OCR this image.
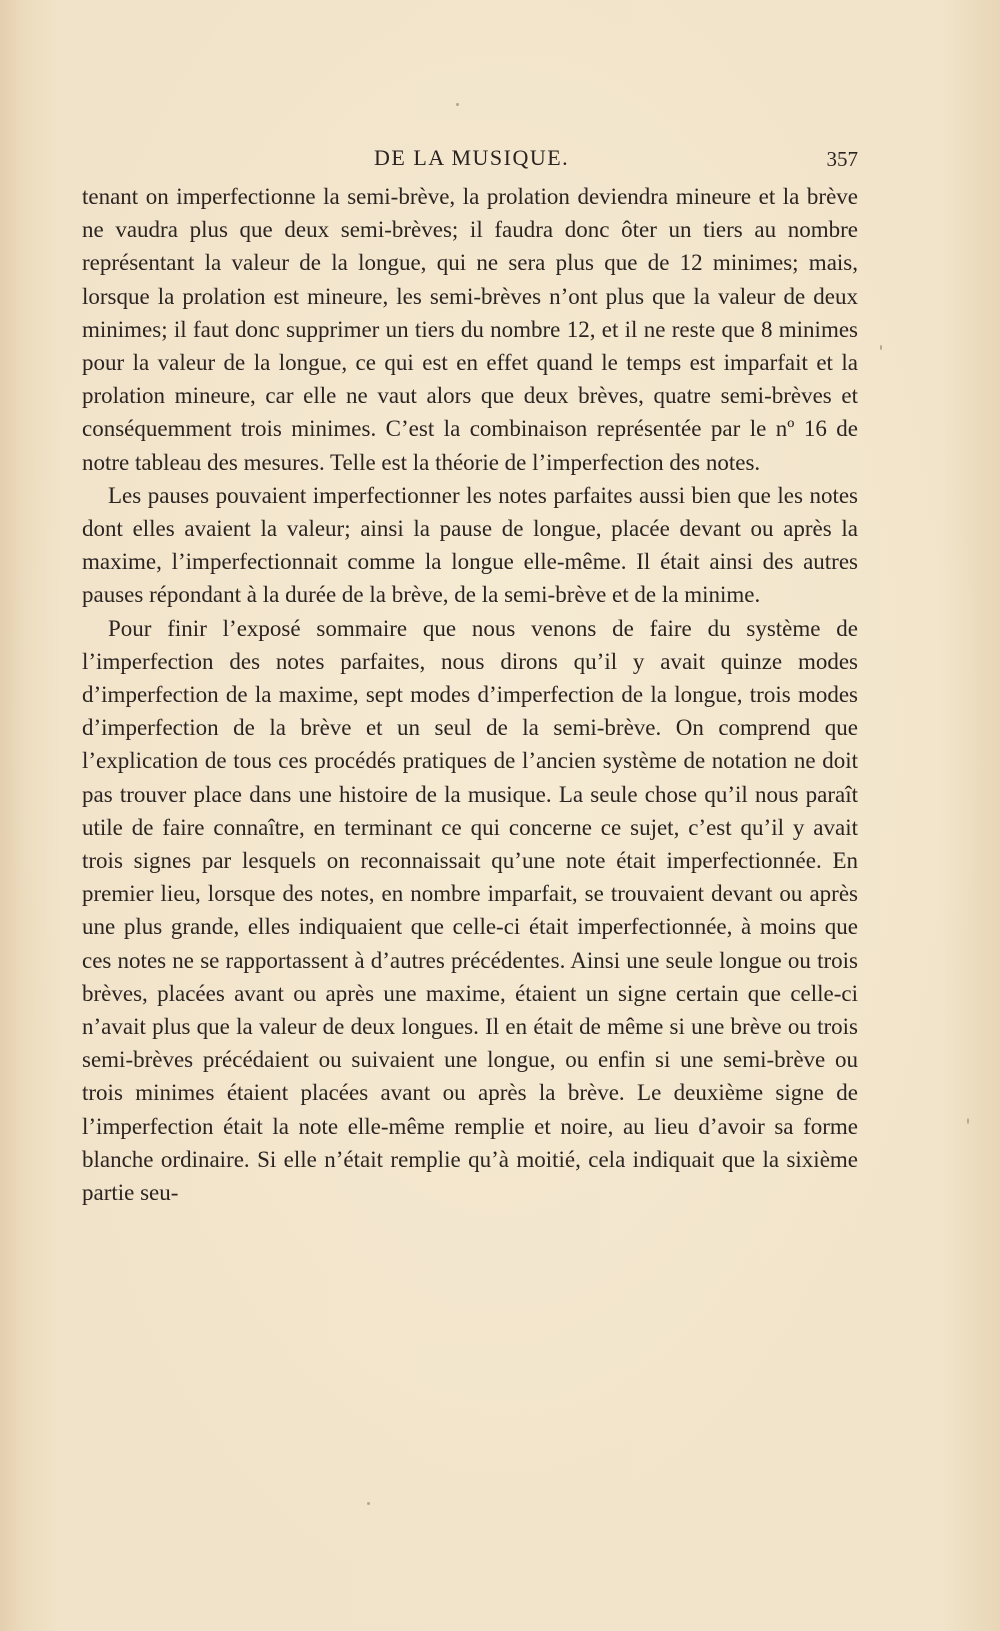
DE LA MUSIQUE.	357

tenant on imperfectionne la semi-brève, la prolation deviendra mineure et la brève ne vaudra plus que deux semi-brèves; il faudra donc ôter un tiers au nombre représentant la valeur de la longue, qui ne sera plus que de 12 minimes; mais, lorsque la prolation est mineure, les semi-brèves n’ont plus que la valeur de deux minimes; il faut donc supprimer un tiers du nombre 12, et il ne reste que 8 minimes pour la valeur de la longue, ce qui est en effet quand le temps est imparfait et la prolation mineure, car elle ne vaut alors que deux brèves, quatre semi-brèves et conséquemment trois minimes. C’est la combinaison représentée par le nº 16 de notre tableau des mesures. Telle est la théorie de l’imperfection des notes.

Les pauses pouvaient imperfectionner les notes parfaites aussi bien que les notes dont elles avaient la valeur; ainsi la pause de longue, placée devant ou après la maxime, l’imperfectionnait comme la longue elle-même. Il était ainsi des autres pauses répondant à la durée de la brève, de la semi-brève et de la minime.

Pour finir l’exposé sommaire que nous venons de faire du système de l’imperfection des notes parfaites, nous dirons qu’il y avait quinze modes d’imperfection de la maxime, sept modes d’imperfection de la longue, trois modes d’imperfection de la brève et un seul de la semi-brève. On comprend que l’explication de tous ces procédés pratiques de l’ancien système de notation ne doit pas trouver place dans une histoire de la musique. La seule chose qu’il nous paraît utile de faire connaître, en terminant ce qui concerne ce sujet, c’est qu’il y avait trois signes par lesquels on reconnaissait qu’une note était imperfectionnée. En premier lieu, lorsque des notes, en nombre imparfait, se trouvaient devant ou après une plus grande, elles indiquaient que celle-ci était imperfectionnée, à moins que ces notes ne se rapportassent à d’autres précédentes. Ainsi une seule longue ou trois brèves, placées avant ou après une maxime, étaient un signe certain que celle-ci n’avait plus que la valeur de deux longues. Il en était de même si une brève ou trois semi-brèves précédaient ou suivaient une longue, ou enfin si une semi-brève ou trois minimes étaient placées avant ou après la brève. Le deuxième signe de l’imperfection était la note elle-même remplie et noire, au lieu d’avoir sa forme blanche ordinaire. Si elle n’était remplie qu’à moitié, cela indiquait que la sixième partie seu-
